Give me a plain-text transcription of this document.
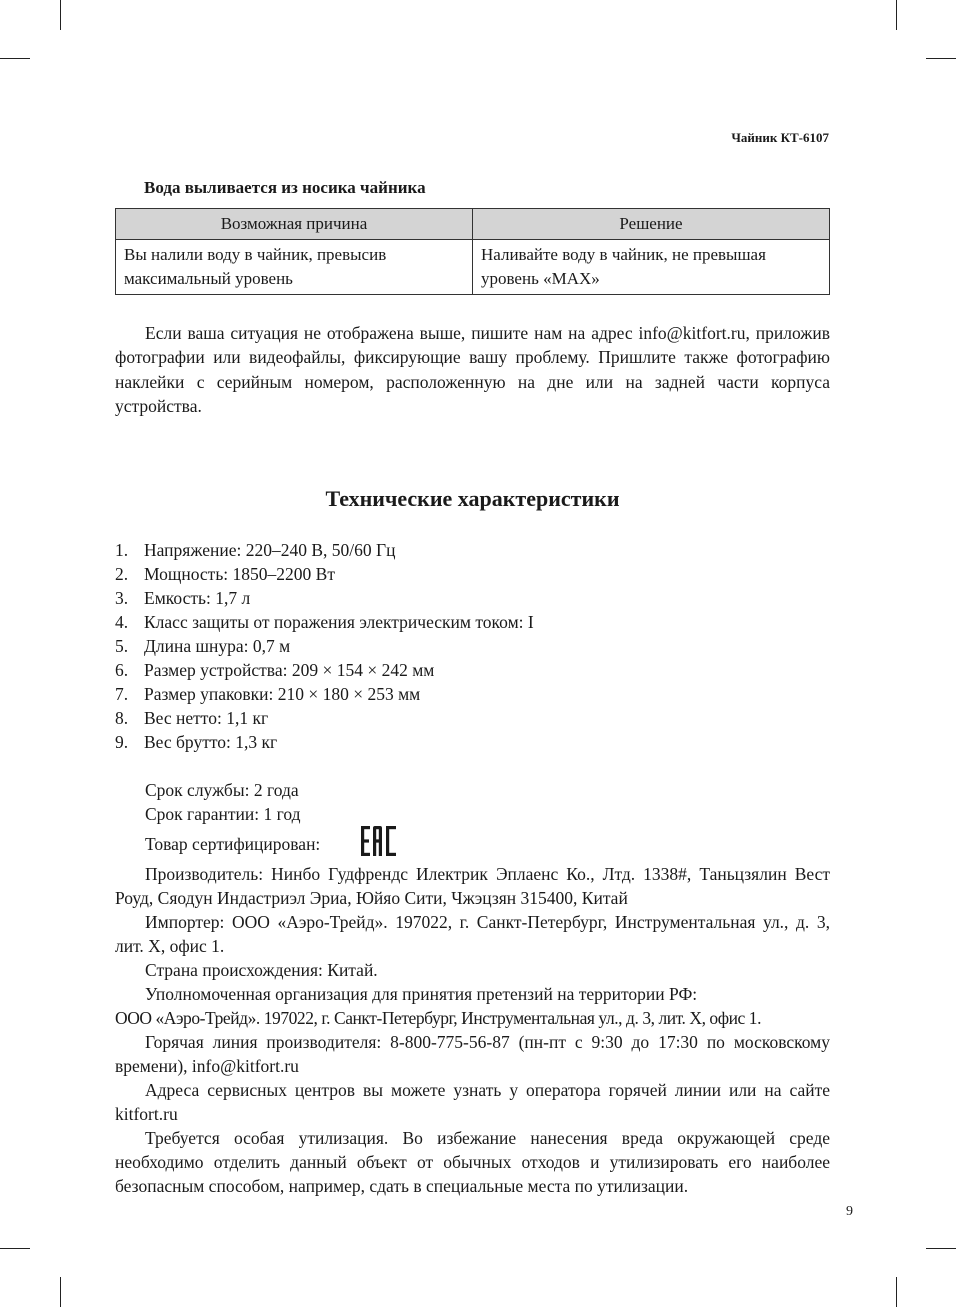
Чайник КТ-6107
Вода выливается из носика чайника
Возможная причина	Решение
Вы налили воду в чайник, превысив максимальный уровень	Наливайте воду в чайник, не превышая уровень «MAX»

Если ваша ситуация не отображена выше, пишите нам на адрес info@kitfort.ru, приложив фотографии или видеофайлы, фиксирующие вашу проблему. Пришлите также фотографию наклейки с серийным номером, расположенную на дне или на задней части корпуса устройства.

Технические характеристики
1. Напряжение: 220–240 В, 50/60 Гц
2. Мощность: 1850–2200 Вт
3. Емкость: 1,7 л
4. Класс защиты от поражения электрическим током: I
5. Длина шнура: 0,7 м
6. Размер устройства: 209 × 154 × 242 мм
7. Размер упаковки: 210 × 180 × 253 мм
8. Вес нетто: 1,1 кг
9. Вес брутто: 1,3 кг

Срок службы: 2 года

Срок гарантии: 1 год

Товар сертифицирован:

Производитель: Нинбо Гудфрендс Илектрик Эплаенс Ко., Лтд. 1338#, Таньцзялин Вест Роуд, Сяодун Индастриэл Эриа, Юйяо Сити, Чжэцзян 315400, Китай

Импортер: ООО «Аэро-Трейд». 197022, г. Санкт-Петербург, Инструментальная ул., д. 3, лит. Х, офис 1.

Страна происхождения: Китай.

Уполномоченная организация для принятия претензий на территории РФ:

ООО «Аэро-Трейд». 197022, г. Санкт-Петербург, Инструментальная ул., д. 3, лит. Х, офис 1.

Горячая линия производителя: 8-800-775-56-87 (пн-пт с 9:30 до 17:30 по московскому времени), info@kitfort.ru

Адреса сервисных центров вы можете узнать у оператора горячей линии или на сайте kitfort.ru

Требуется особая утилизация. Во избежание нанесения вреда окружающей среде необходимо отделить данный объект от обычных отходов и утилизировать его наиболее безопасным способом, например, сдать в специальные места по утилизации.

9
